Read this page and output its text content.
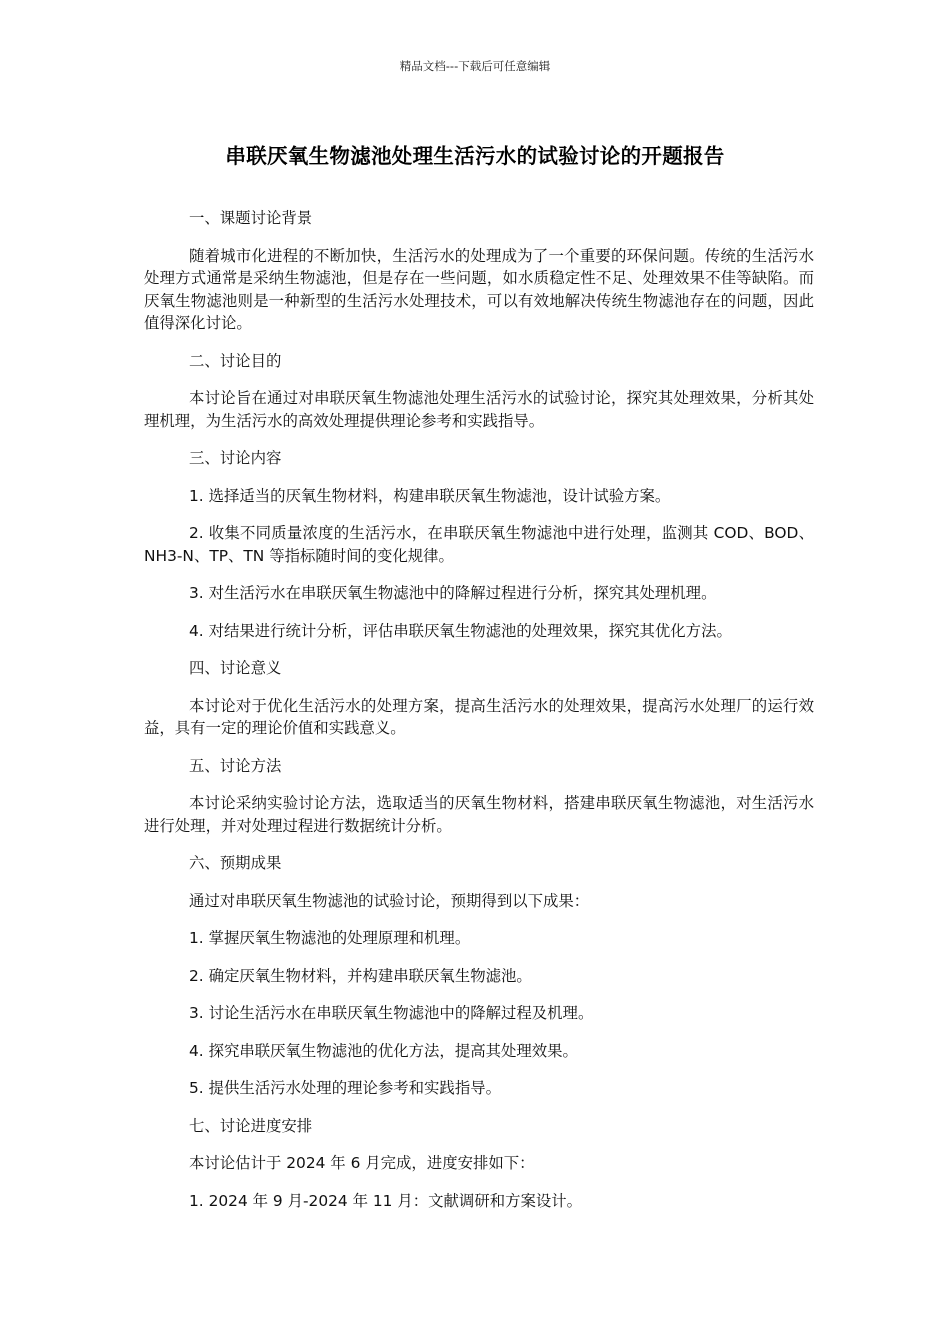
精品文档---下载后可任意编辑
串联厌氧生物滤池处理生活污水的试验讨论的开题报告

一、课题讨论背景

随着城市化进程的不断加快，生活污水的处理成为了一个重要的环保问题。传统的生活污水处理方式通常是采纳生物滤池，但是存在一些问题，如水质稳定性不足、处理效果不佳等缺陷。而厌氧生物滤池则是一种新型的生活污水处理技术，可以有效地解决传统生物滤池存在的问题，因此值得深化讨论。

二、讨论目的

本讨论旨在通过对串联厌氧生物滤池处理生活污水的试验讨论，探究其处理效果，分析其处理机理，为生活污水的高效处理提供理论参考和实践指导。

三、讨论内容

1. 选择适当的厌氧生物材料，构建串联厌氧生物滤池，设计试验方案。

2. 收集不同质量浓度的生活污水，在串联厌氧生物滤池中进行处理，监测其 COD、BOD、NH3-N、TP、TN 等指标随时间的变化规律。

3. 对生活污水在串联厌氧生物滤池中的降解过程进行分析，探究其处理机理。

4. 对结果进行统计分析，评估串联厌氧生物滤池的处理效果，探究其优化方法。

四、讨论意义

本讨论对于优化生活污水的处理方案，提高生活污水的处理效果，提高污水处理厂的运行效益，具有一定的理论价值和实践意义。

五、讨论方法

本讨论采纳实验讨论方法，选取适当的厌氧生物材料，搭建串联厌氧生物滤池，对生活污水进行处理，并对处理过程进行数据统计分析。

六、预期成果

通过对串联厌氧生物滤池的试验讨论，预期得到以下成果：

1. 掌握厌氧生物滤池的处理原理和机理。

2. 确定厌氧生物材料，并构建串联厌氧生物滤池。

3. 讨论生活污水在串联厌氧生物滤池中的降解过程及机理。

4. 探究串联厌氧生物滤池的优化方法，提高其处理效果。

5. 提供生活污水处理的理论参考和实践指导。

七、讨论进度安排

本讨论估计于 2024 年 6 月完成，进度安排如下：

1. 2024 年 9 月-2024 年 11 月：文献调研和方案设计。
